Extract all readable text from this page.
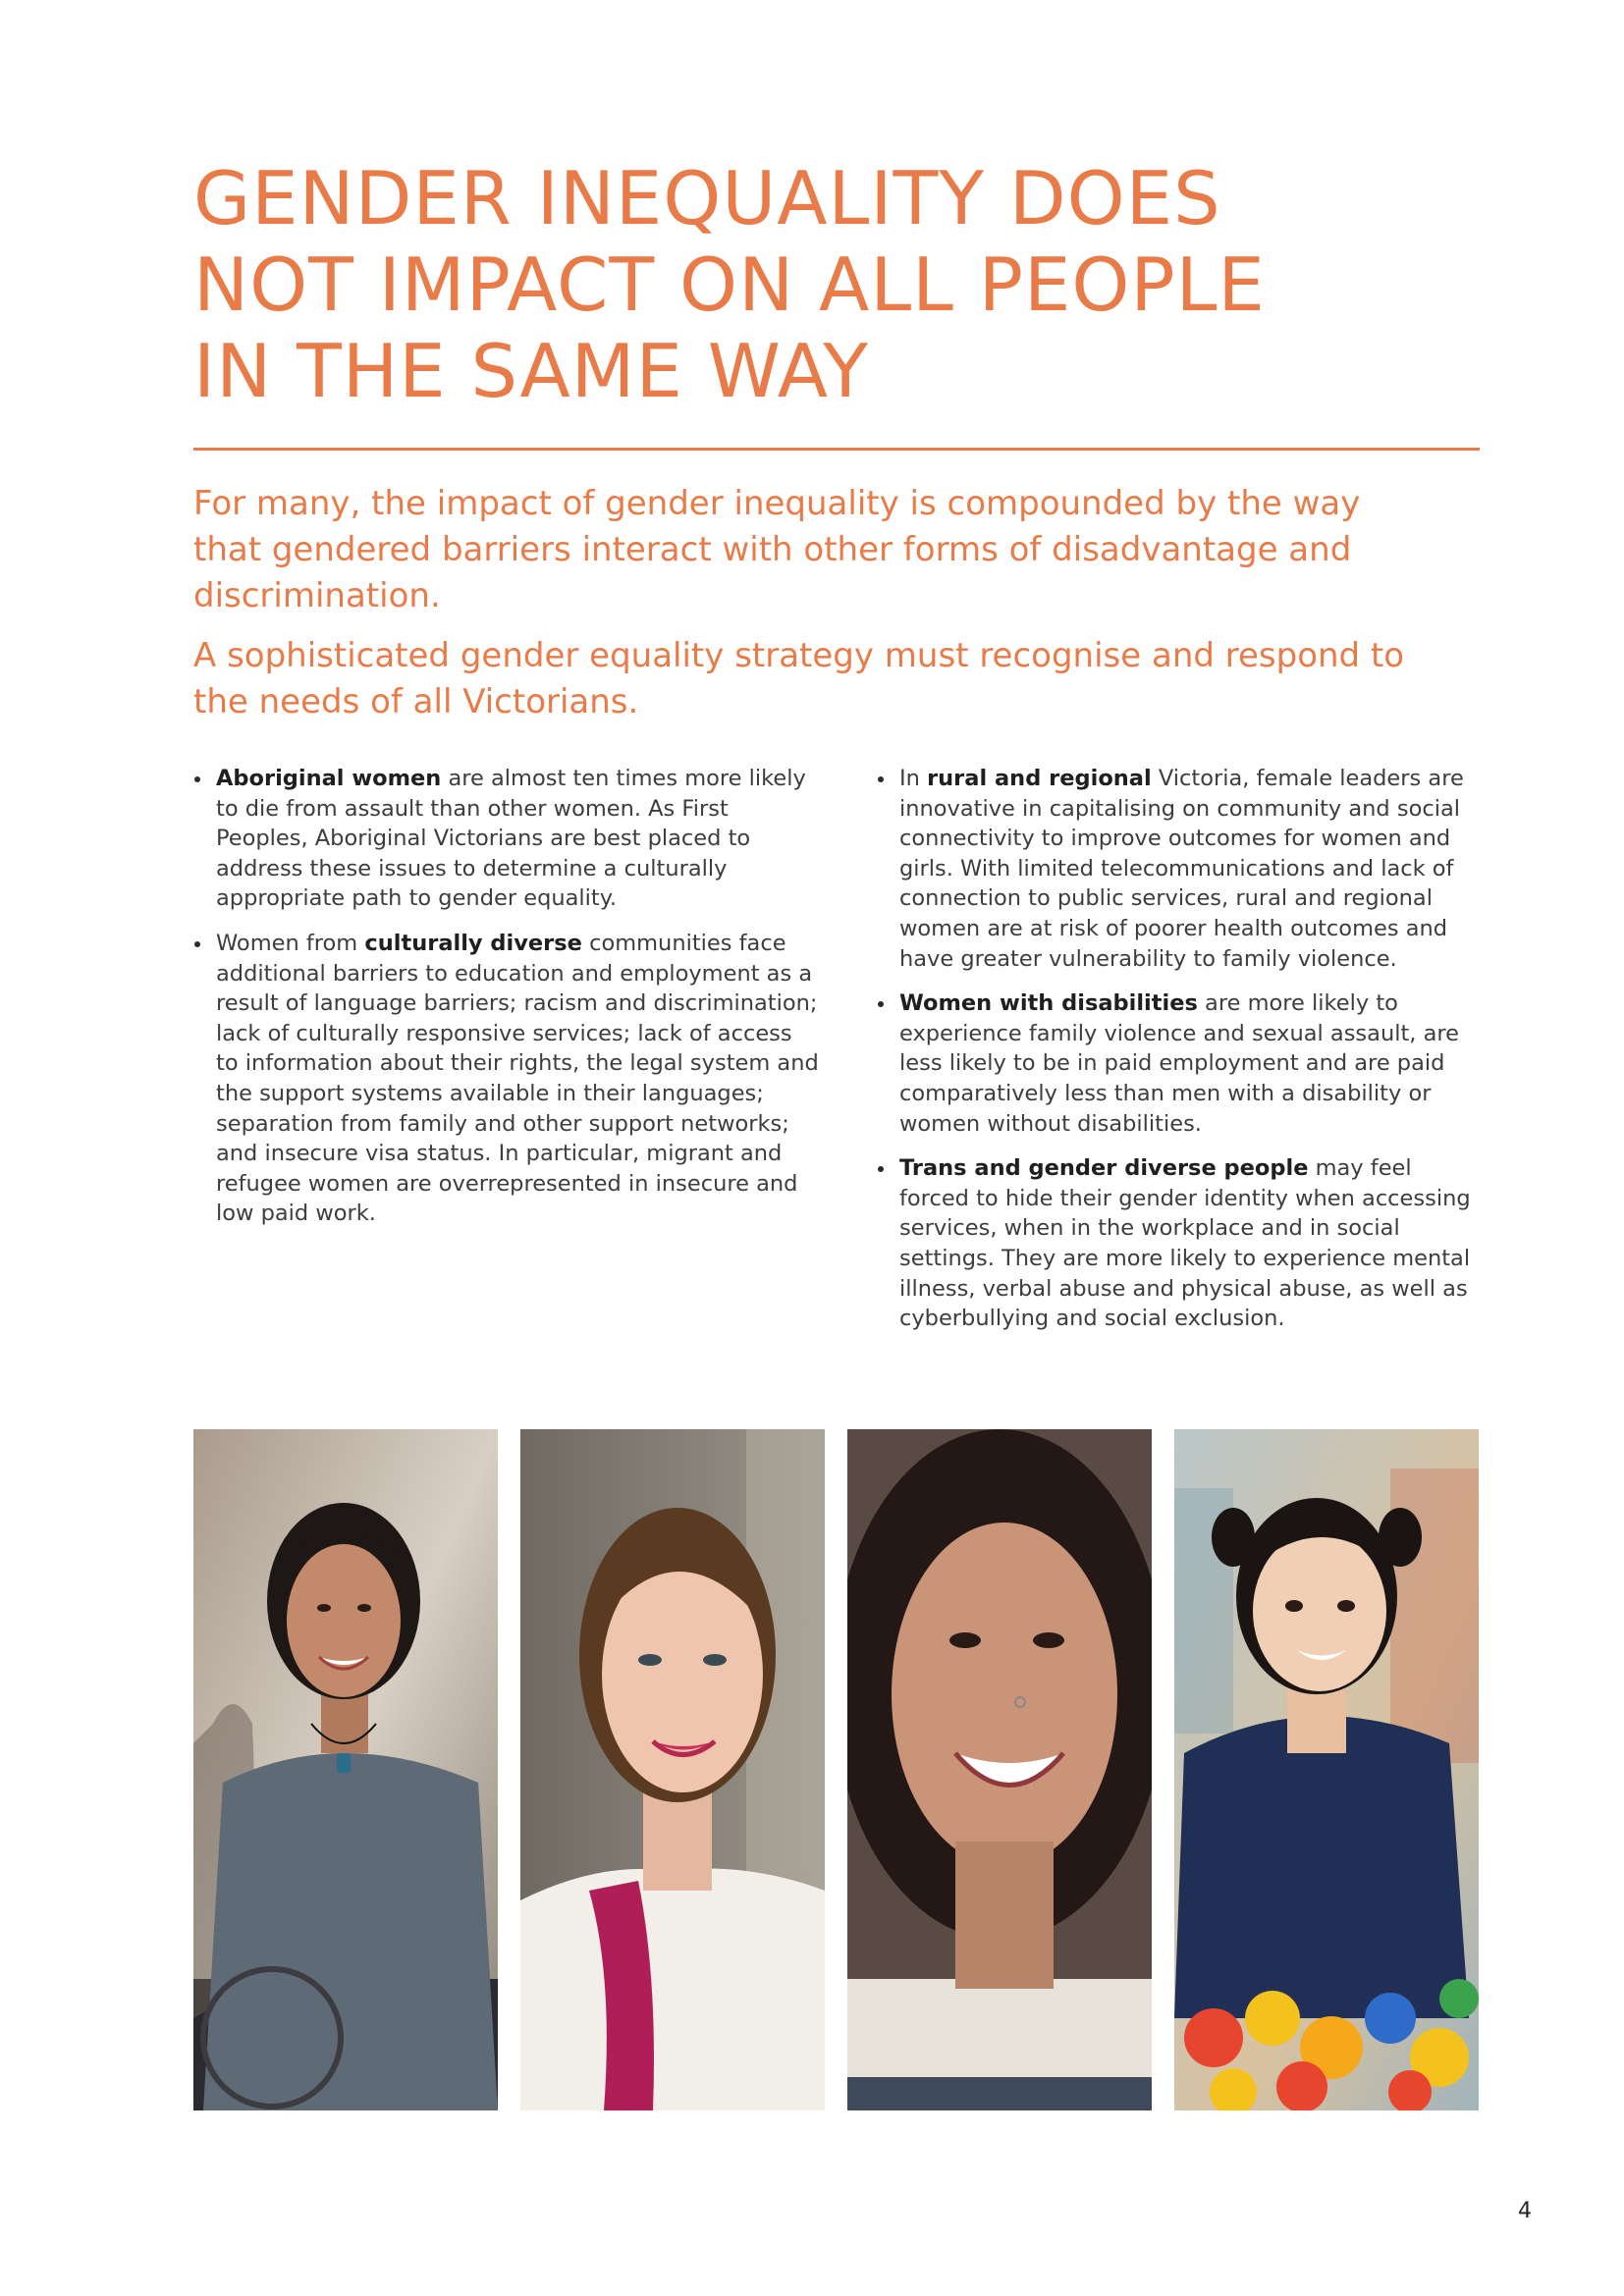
GENDER INEQUALITY DOES
NOT IMPACT ON ALL PEOPLE
IN THE SAME WAY

For many, the impact of gender inequality is compounded by the way that gendered barriers interact with other forms of disadvantage and discrimination.

A sophisticated gender equality strategy must recognise and respond to the needs of all Victorians.

Aboriginal women are almost ten times more likely to die from assault than other women. As First Peoples, Aboriginal Victorians are best placed to address these issues to determine a culturally appropriate path to gender equality.
Women from culturally diverse communities face additional barriers to education and employment as a result of language barriers; racism and discrimination; lack of culturally responsive services; lack of access to information about their rights, the legal system and the support systems available in their languages; separation from family and other support networks; and insecure visa status. In particular, migrant and refugee women are overrepresented in insecure and low paid work.
In rural and regional Victoria, female leaders are innovative in capitalising on community and social connectivity to improve outcomes for women and girls. With limited telecommunications and lack of connection to public services, rural and regional women are at risk of poorer health outcomes and have greater vulnerability to family violence.
Women with disabilities are more likely to experience family violence and sexual assault, are less likely to be in paid employment and are paid comparatively less than men with a disability or women without disabilities.
Trans and gender diverse people may feel forced to hide their gender identity when accessing services, when in the workplace and in social settings. They are more likely to experience mental illness, verbal abuse and physical abuse, as well as cyberbullying and social exclusion.
4
